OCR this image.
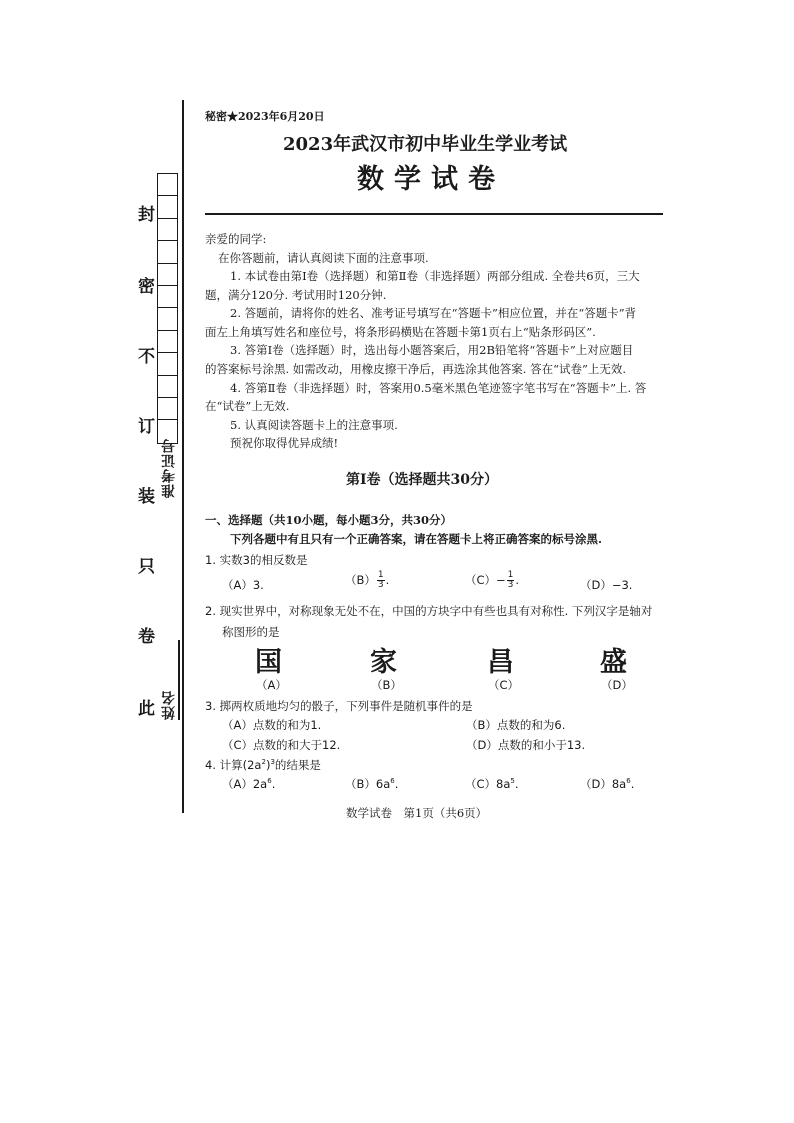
封
密
不
订
装
只
卷
此
准考证号
姓名
秘密★2023年6月20日
2023年武汉市初中毕业生学业考试
数学试卷
亲爱的同学:
在你答题前，请认真阅读下面的注意事项.
1. 本试卷由第Ⅰ卷（选择题）和第Ⅱ卷（非选择题）两部分组成. 全卷共6页，三大
题，满分120分. 考试用时120分钟.
2. 答题前，请将你的姓名、准考证号填写在“答题卡”相应位置，并在“答题卡”背
面左上角填写姓名和座位号，将条形码横贴在答题卡第1页右上“贴条形码区”.
3. 答第Ⅰ卷（选择题）时，选出每小题答案后，用2B铅笔将“答题卡”上对应题目
的答案标号涂黑. 如需改动，用橡皮擦干净后，再选涂其他答案. 答在“试卷”上无效.
4. 答第Ⅱ卷（非选择题）时，答案用0.5毫米黑色笔迹签字笔书写在“答题卡”上. 答
在“试卷”上无效.
5. 认真阅读答题卡上的注意事项.
预祝你取得优异成绩!
第Ⅰ卷（选择题共30分）
一、选择题（共10小题，每小题3分，共30分）
下列各题中有且只有一个正确答案，请在答题卡上将正确答案的标号涂黑.
1. 实数3的相反数是
（A）3.	$(B) \frac{1}{3}$ .	$(C)- \frac{1}{3}$ .	（D）−3.
2. 现实世界中，对称现象无处不在，中国的方块字中有些也具有对称性. 下列汉字是轴对
称图形的是
国	家	昌	盛
（A）	（B）	（C）	（D）
3. 掷两枚质地均匀的骰子，下列事件是随机事件的是
（A）点数的和为1.	（B）点数的和为6.
（C）点数的和大于12.	（D）点数的和小于13.
4. 计算$(2a^2)^3$的结果是
$(A)2a^6$.	$(B)6a^6$.	$(C)8a^5$.	$(D)8a^6$.
数学试卷　第1页（共6页）
